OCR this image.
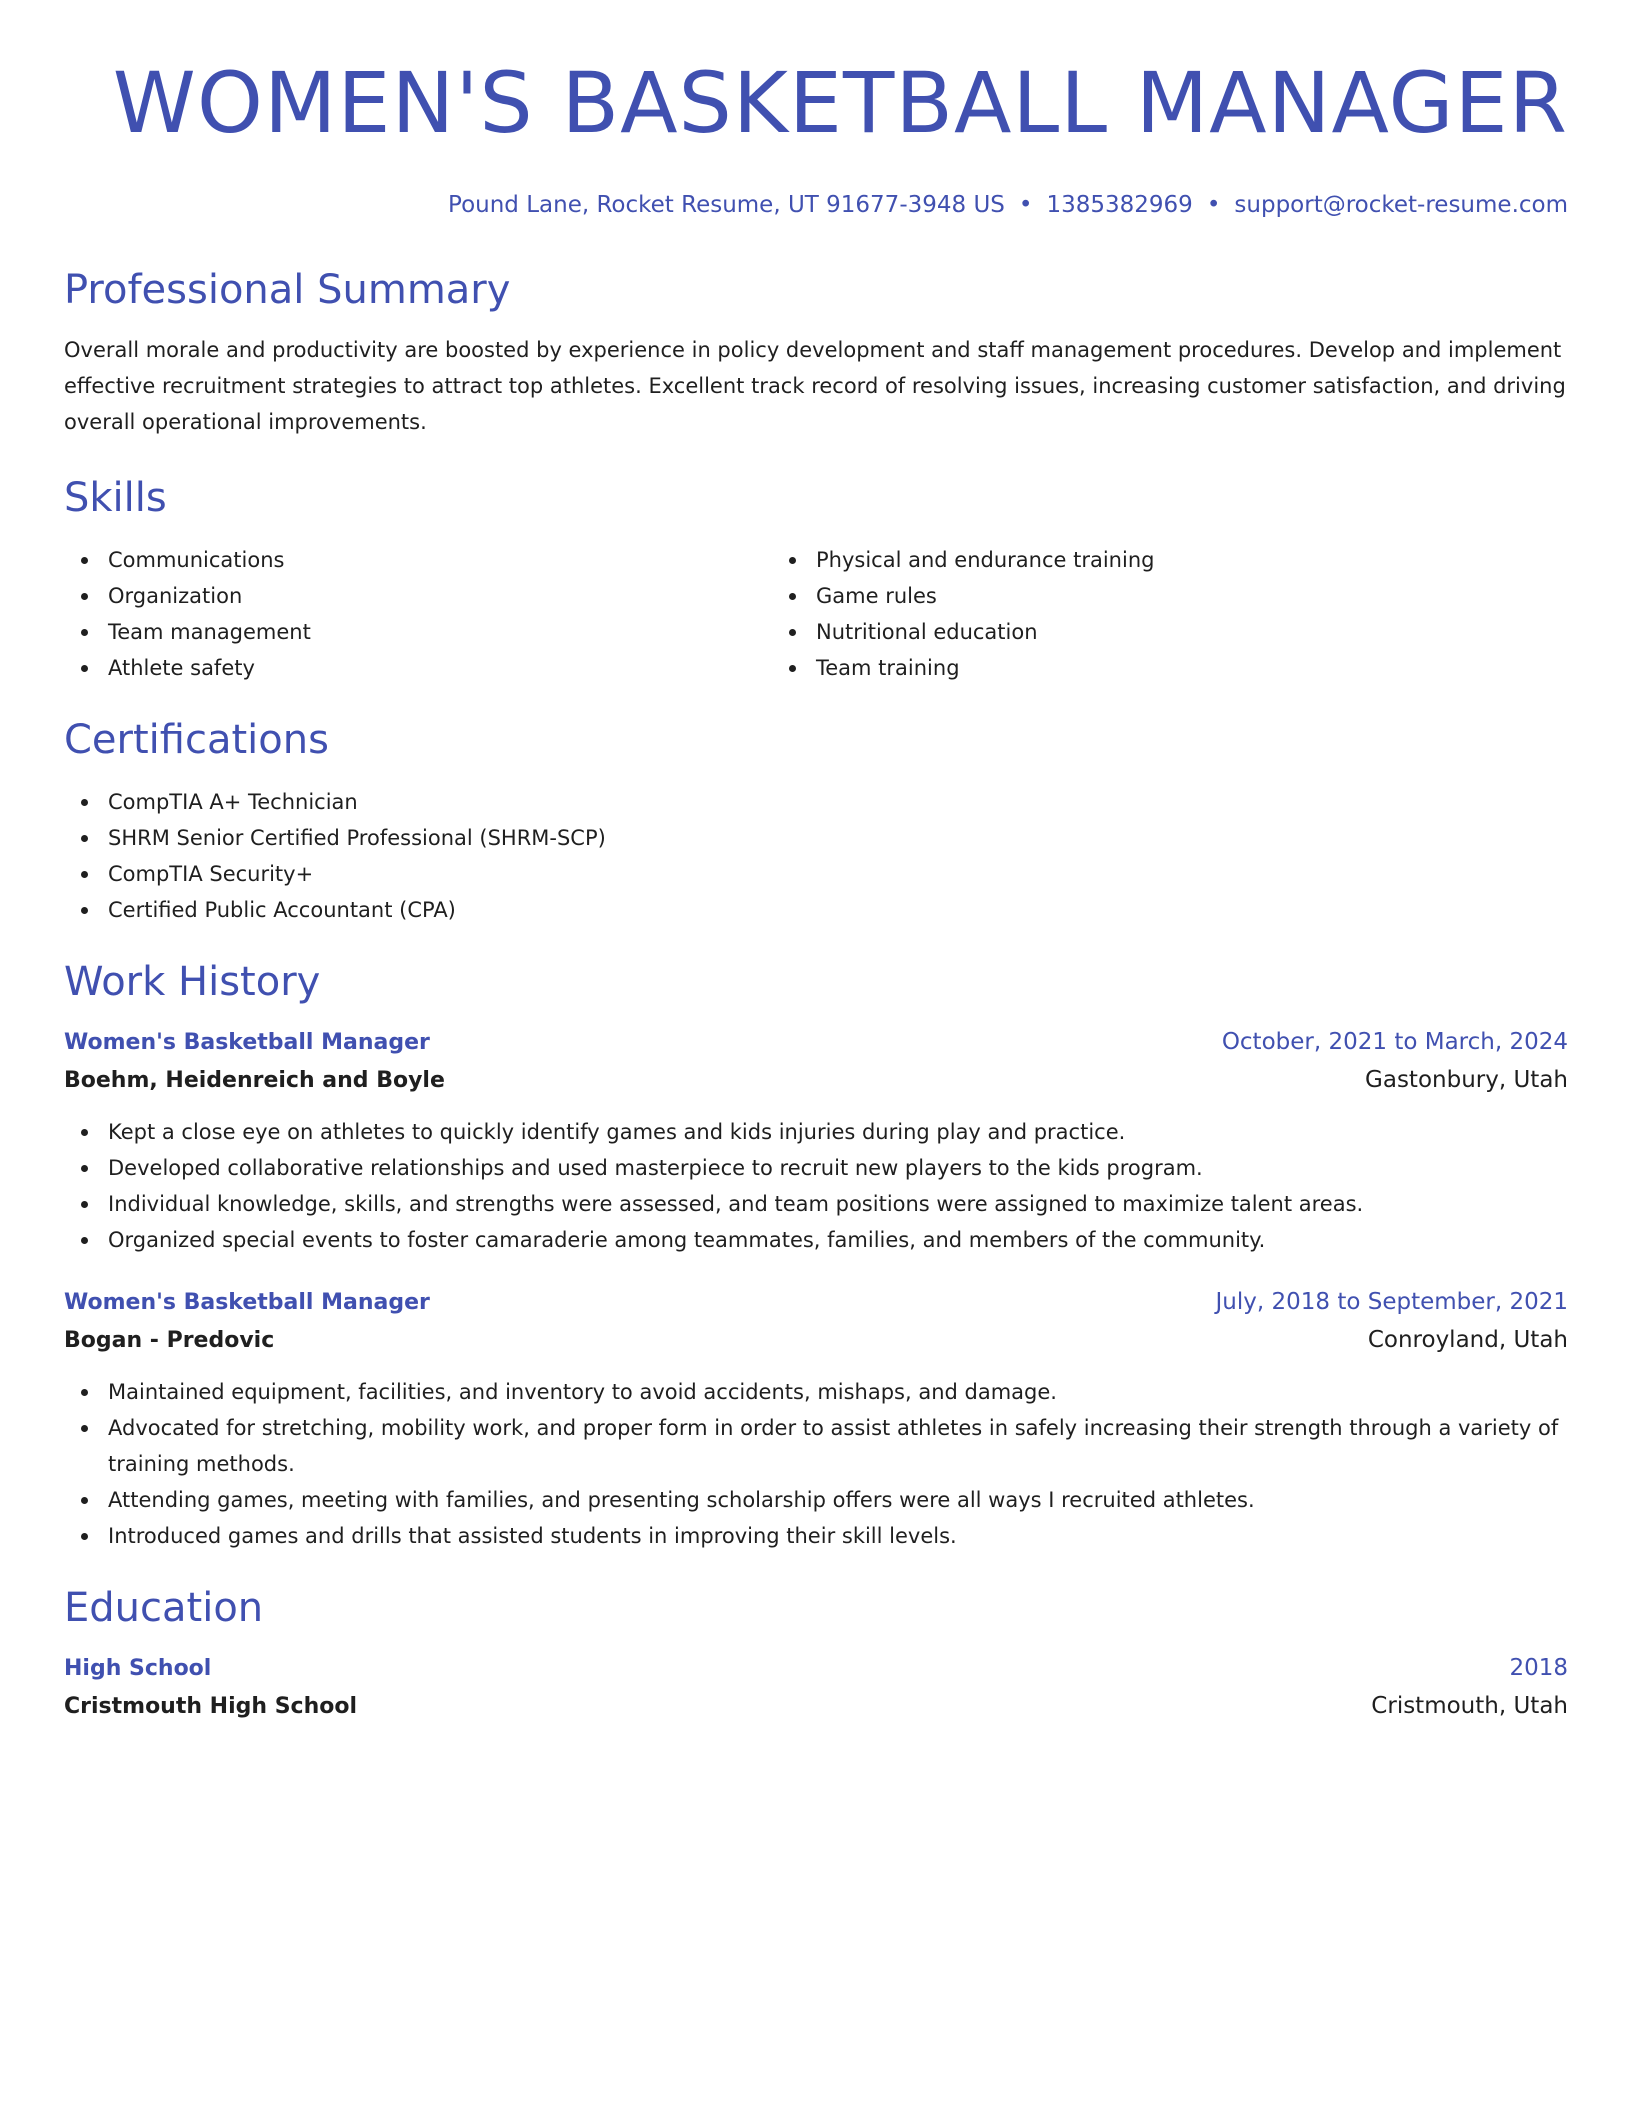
WOMEN'S BASKETBALL MANAGER
Pound Lane, Rocket Resume, UT 91677-3948 US • 1385382969 • support@rocket-resume.com
Professional Summary

Overall morale and productivity are boosted by experience in policy development and staff management procedures. Develop and implement effective recruitment strategies to attract top athletes. Excellent track record of resolving issues, increasing customer satisfaction, and driving overall operational improvements.

Skills
Communications
Organization
Team management
Athlete safety
Physical and endurance training
Game rules
Nutritional education
Team training
Certifications
CompTIA A+ Technician
SHRM Senior Certified Professional (SHRM-SCP)
CompTIA Security+
Certified Public Accountant (CPA)
Work History
Women's Basketball Manager	October, 2021 to March, 2024
Boehm, Heidenreich and Boyle	Gastonbury, Utah
Kept a close eye on athletes to quickly identify games and kids injuries during play and practice.
Developed collaborative relationships and used masterpiece to recruit new players to the kids program.
Individual knowledge, skills, and strengths were assessed, and team positions were assigned to maximize talent areas.
Organized special events to foster camaraderie among teammates, families, and members of the community.
Women's Basketball Manager	July, 2018 to September, 2021
Bogan - Predovic	Conroyland, Utah
Maintained equipment, facilities, and inventory to avoid accidents, mishaps, and damage.
Advocated for stretching, mobility work, and proper form in order to assist athletes in safely increasing their strength through a variety of training methods.
Attending games, meeting with families, and presenting scholarship offers were all ways I recruited athletes.
Introduced games and drills that assisted students in improving their skill levels.
Education
High School	2018
Cristmouth High School	Cristmouth, Utah
